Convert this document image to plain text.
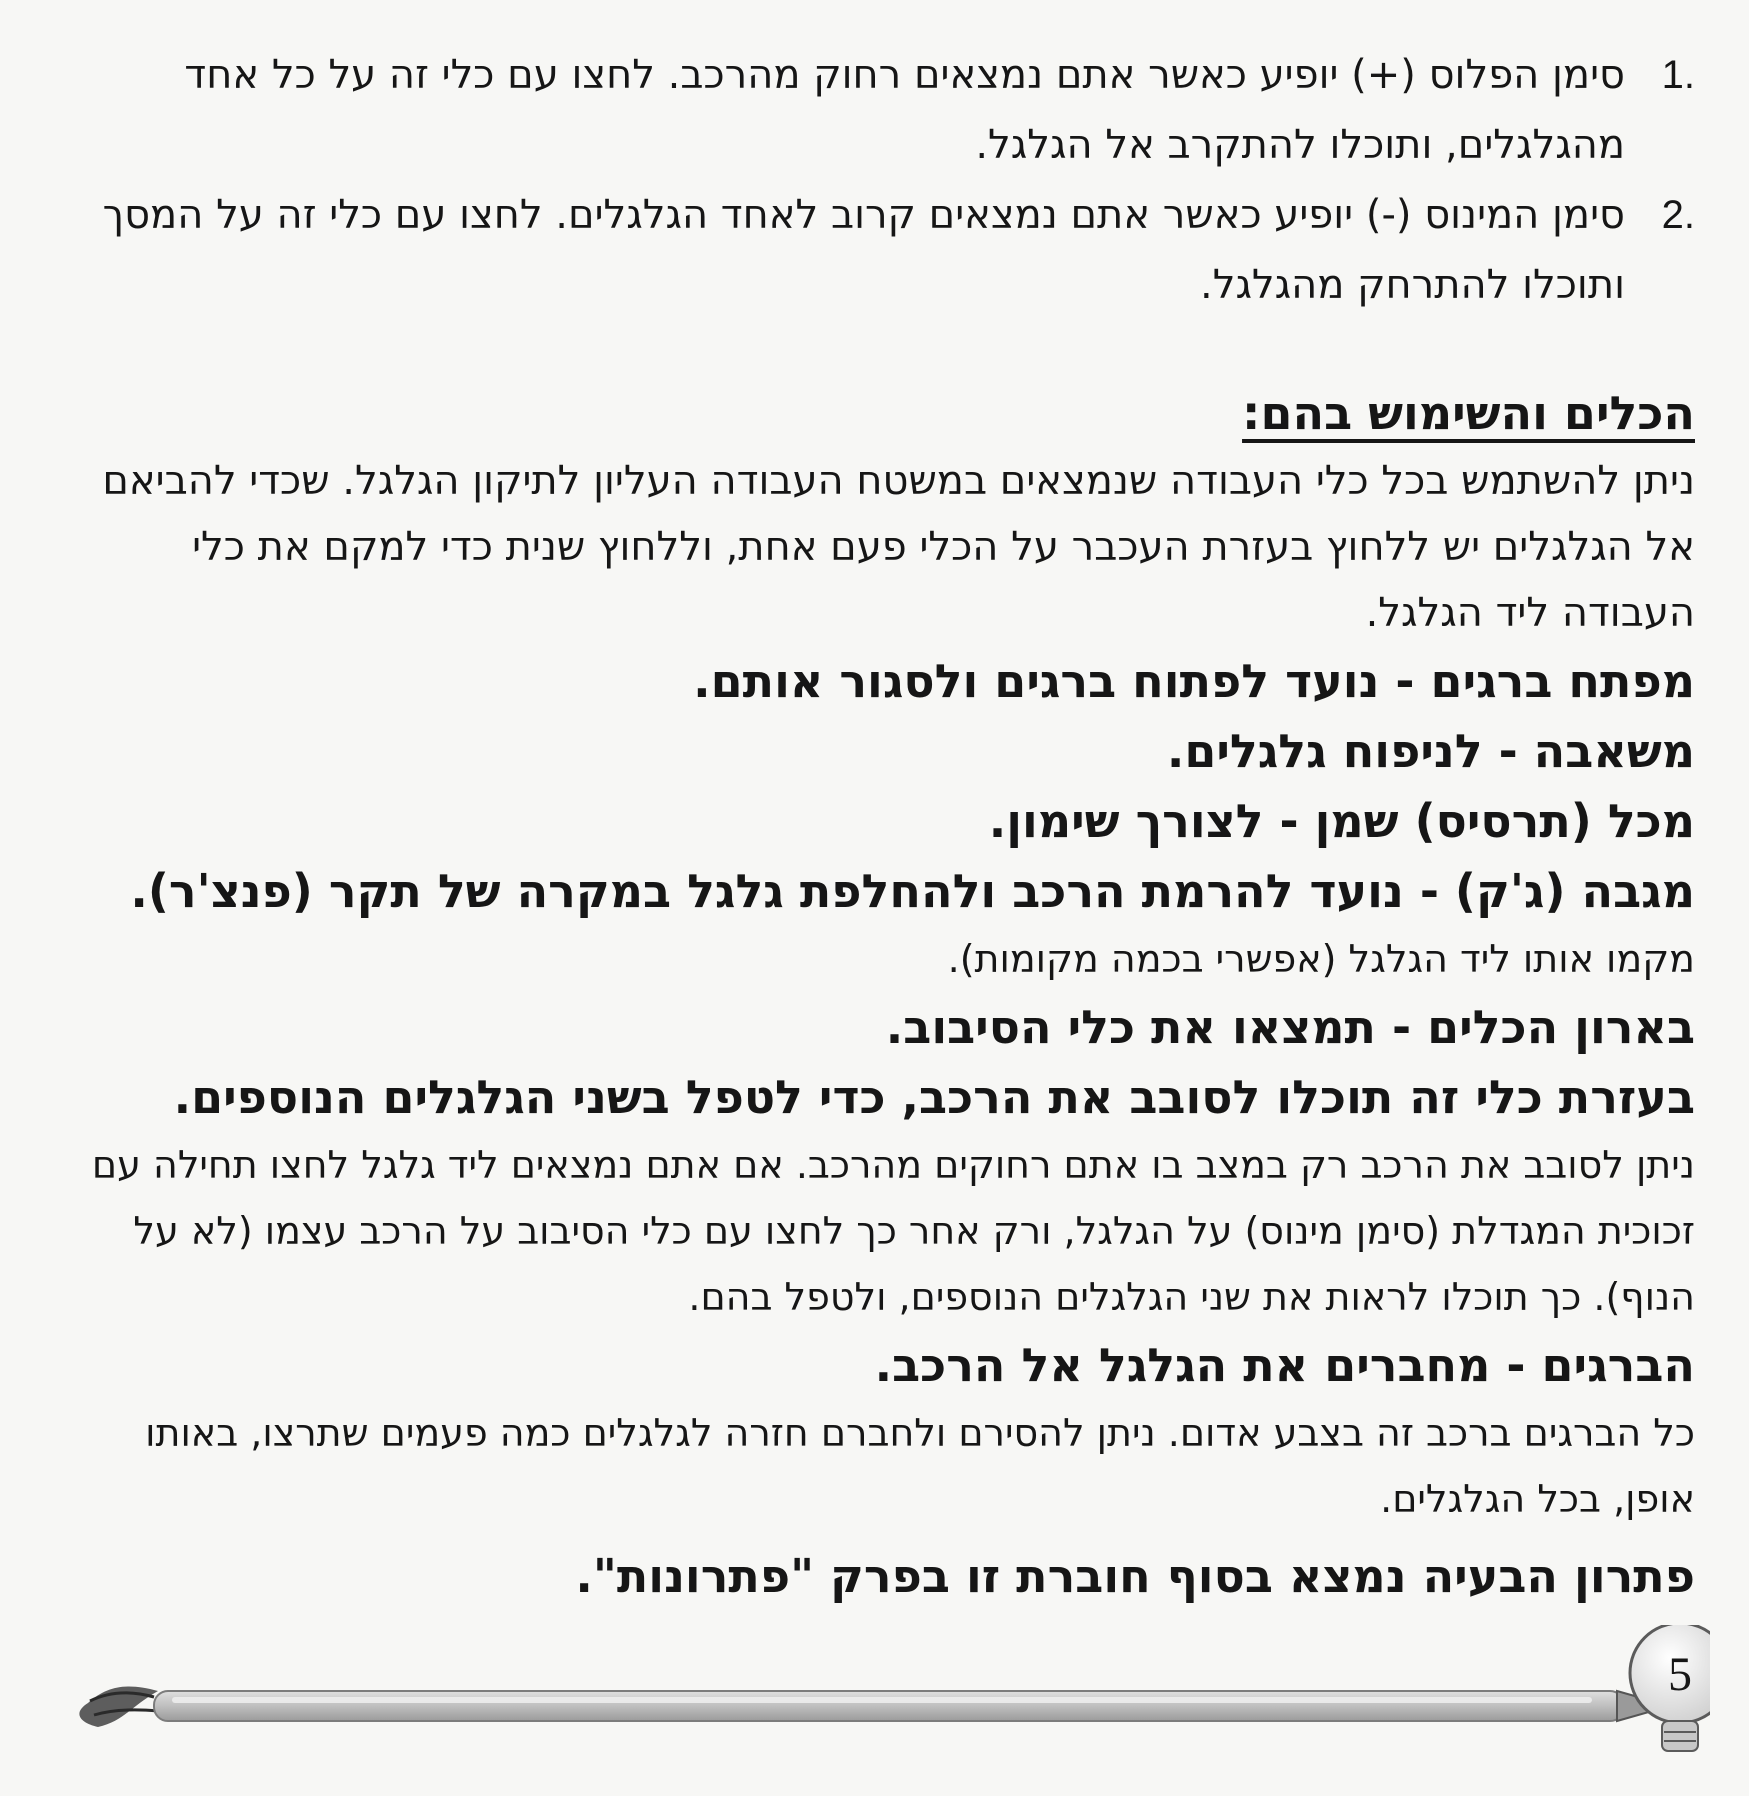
.1
סימן הפלוס (+) יופיע כאשר אתם נמצאים רחוק מהרכב. לחצו עם כלי זה על כל אחד מהגלגלים, ותוכלו להתקרב אל הגלגל.
.2
סימן המינוס (-) יופיע כאשר אתם נמצאים קרוב לאחד הגלגלים. לחצו עם כלי זה על המסך ותוכלו להתרחק מהגלגל.
הכלים והשימוש בהם:

ניתן להשתמש בכל כלי העבודה שנמצאים במשטח העבודה העליון לתיקון הגלגל. שכדי להביאם אל הגלגלים יש ללחוץ בעזרת העכבר על הכלי פעם אחת, וללחוץ שנית כדי למקם את כלי העבודה ליד הגלגל.

מפתח ברגים - נועד לפתוח ברגים ולסגור אותם.

משאבה - לניפוח גלגלים.

מכל (תרסיס) שמן - לצורך שימון.

מגבה (ג'ק) - נועד להרמת הרכב ולהחלפת גלגל במקרה של תקר (פנצ'ר).

מקמו אותו ליד הגלגל (אפשרי בכמה מקומות).

בארון הכלים - תמצאו את כלי הסיבוב.

בעזרת כלי זה תוכלו לסובב את הרכב, כדי לטפל בשני הגלגלים הנוספים.

ניתן לסובב את הרכב רק במצב בו אתם רחוקים מהרכב. אם אתם נמצאים ליד גלגל לחצו תחילה עם זכוכית המגדלת (סימן מינוס) על הגלגל, ורק אחר כך לחצו עם כלי הסיבוב על הרכב עצמו (לא על הנוף). כך תוכלו לראות את שני הגלגלים הנוספים, ולטפל בהם.

הברגים - מחברים את הגלגל אל הרכב.

כל הברגים ברכב זה בצבע אדום. ניתן להסירם ולחברם חזרה לגלגלים כמה פעמים שתרצו, באותו אופן, בכל הגלגלים.

פתרון הבעיה נמצא בסוף חוברת זו בפרק "פתרונות".

5
